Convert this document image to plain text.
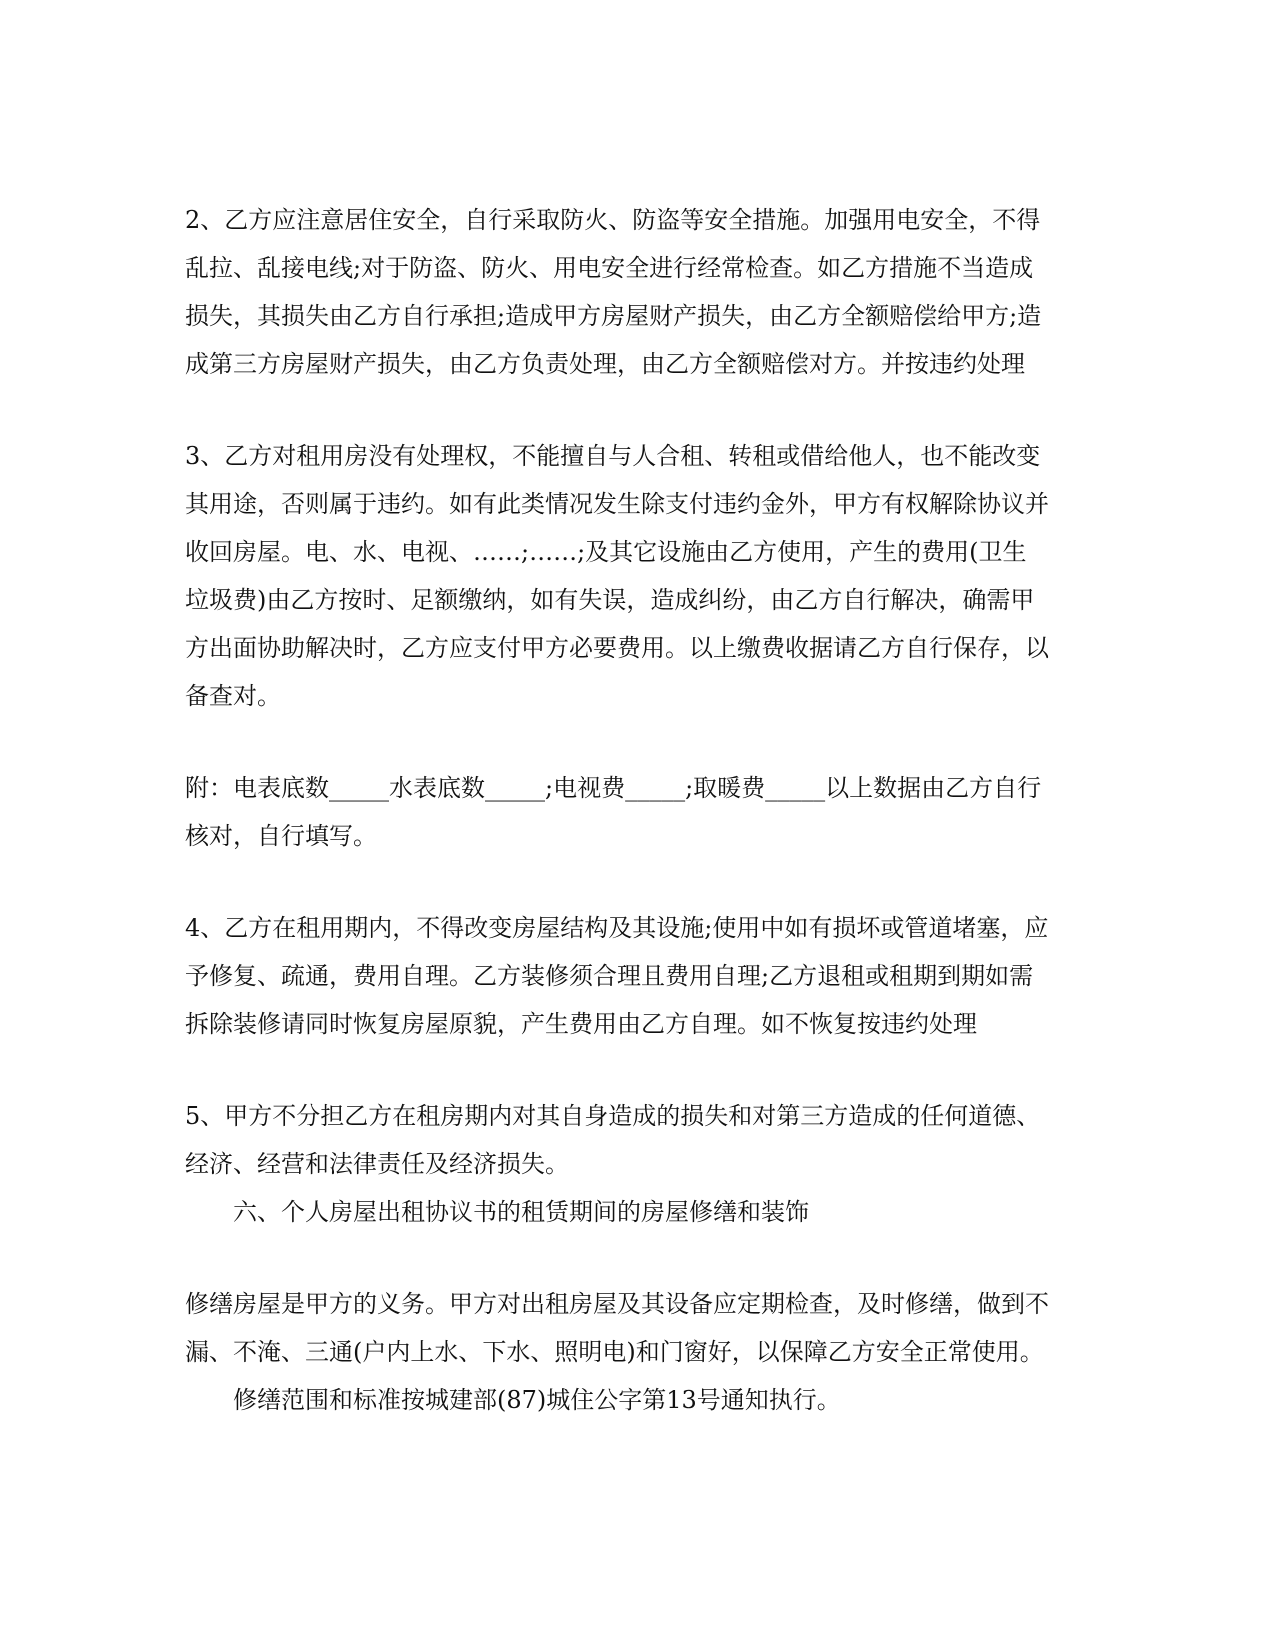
2、乙方应注意居住安全，自行采取防火、防盗等安全措施。加强用电安全，不得
乱拉、乱接电线;对于防盗、防火、用电安全进行经常检查。如乙方措施不当造成
损失，其损失由乙方自行承担;造成甲方房屋财产损失，由乙方全额赔偿给甲方;造
成第三方房屋财产损失，由乙方负责处理，由乙方全额赔偿对方。并按违约处理

3、乙方对租用房没有处理权，不能擅自与人合租、转租或借给他人，也不能改变
其用途，否则属于违约。如有此类情况发生除支付违约金外，甲方有权解除协议并
收回房屋。电、水、电视、……;……;及其它设施由乙方使用，产生的费用(卫生
垃圾费)由乙方按时、足额缴纳，如有失误，造成纠纷，由乙方自行解决，确需甲
方出面协助解决时，乙方应支付甲方必要费用。以上缴费收据请乙方自行保存，以
备查对。

附：电表底数_____水表底数_____;电视费_____;取暖费_____以上数据由乙方自行
核对，自行填写。

4、乙方在租用期内，不得改变房屋结构及其设施;使用中如有损坏或管道堵塞，应
予修复、疏通，费用自理。乙方装修须合理且费用自理;乙方退租或租期到期如需
拆除装修请同时恢复房屋原貌，产生费用由乙方自理。如不恢复按违约处理

5、甲方不分担乙方在租房期内对其自身造成的损失和对第三方造成的任何道德、
经济、经营和法律责任及经济损失。

六、个人房屋出租协议书的租赁期间的房屋修缮和装饰

修缮房屋是甲方的义务。甲方对出租房屋及其设备应定期检查，及时修缮，做到不
漏、不淹、三通(户内上水、下水、照明电)和门窗好，以保障乙方安全正常使用。

修缮范围和标准按城建部(87)城住公字第13号通知执行。
